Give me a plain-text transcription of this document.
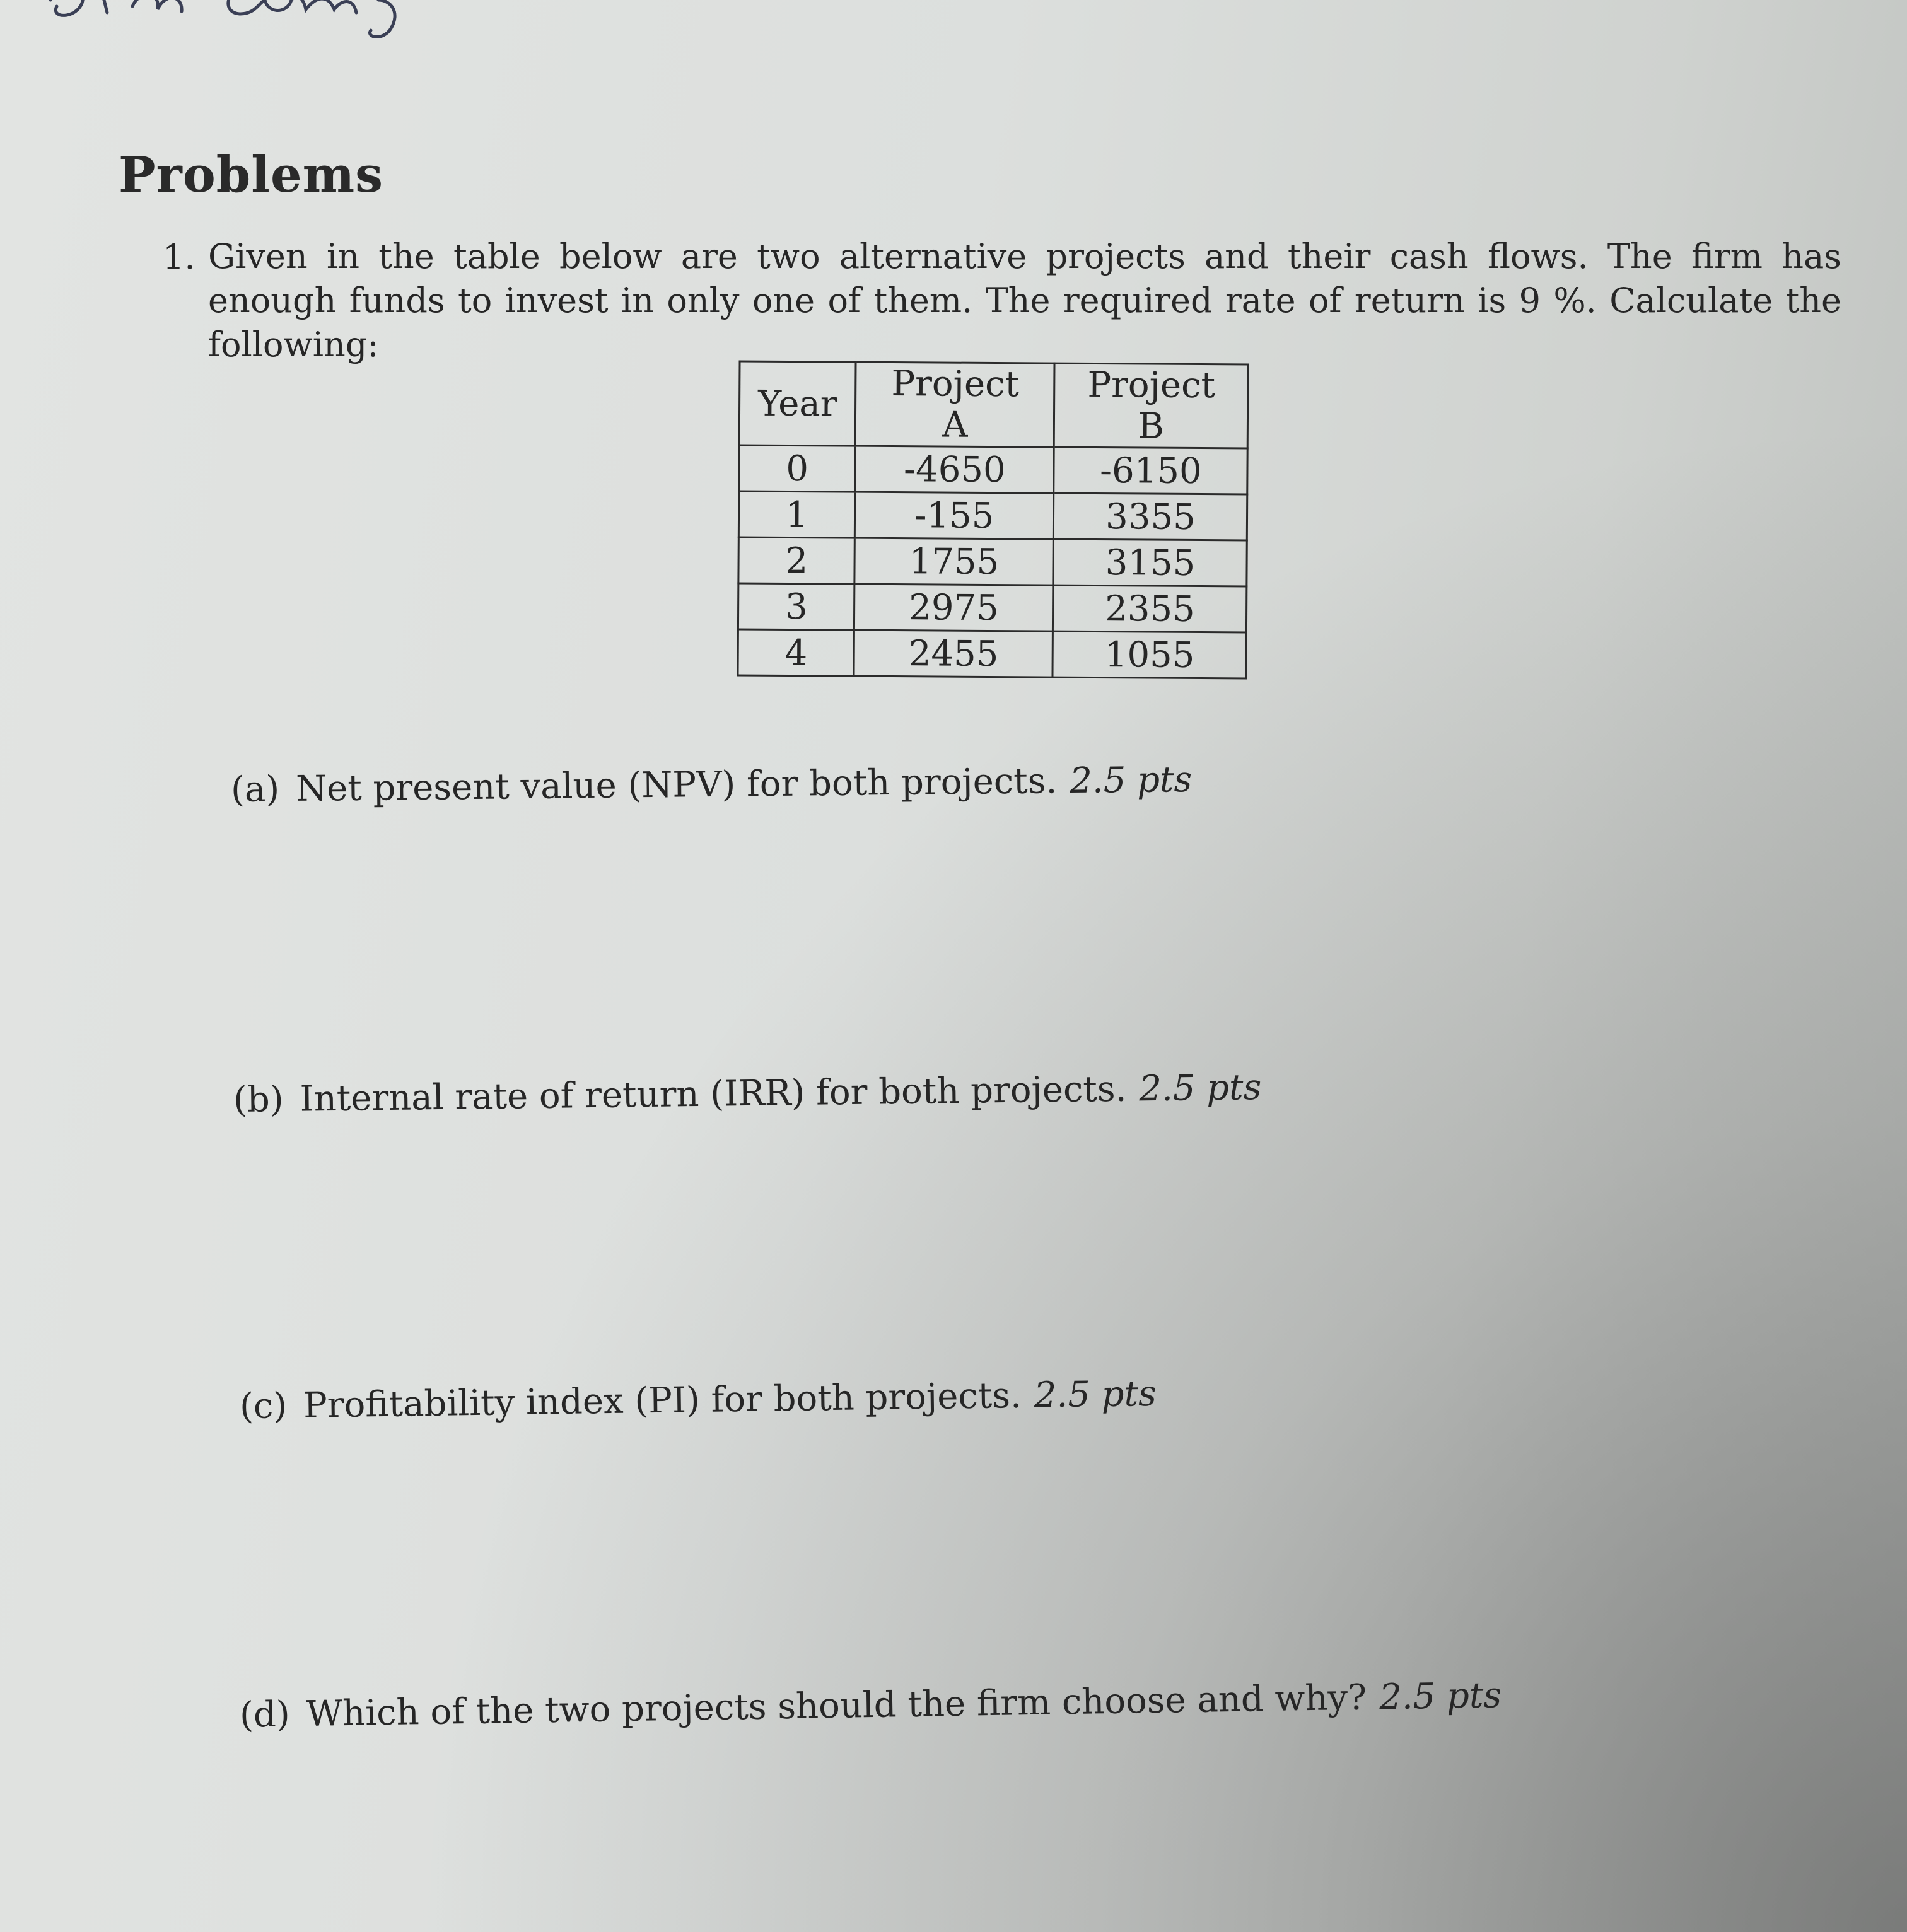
Problems
1. Given in the table below are two alternative projects and their cash flows. The firm has enough funds to invest in only one of them. The required rate of return is 9 %. Calculate the following:
Year	Project A	Project B
0	-4650	-6150
1	-155	3355
2	1755	3155
3	2975	2355
4	2455	1055
(a) Net present value (NPV) for both projects. 2.5 pts
(b) Internal rate of return (IRR) for both projects. 2.5 pts
(c) Profitability index (PI) for both projects. 2.5 pts
(d) Which of the two projects should the firm choose and why? 2.5 pts
